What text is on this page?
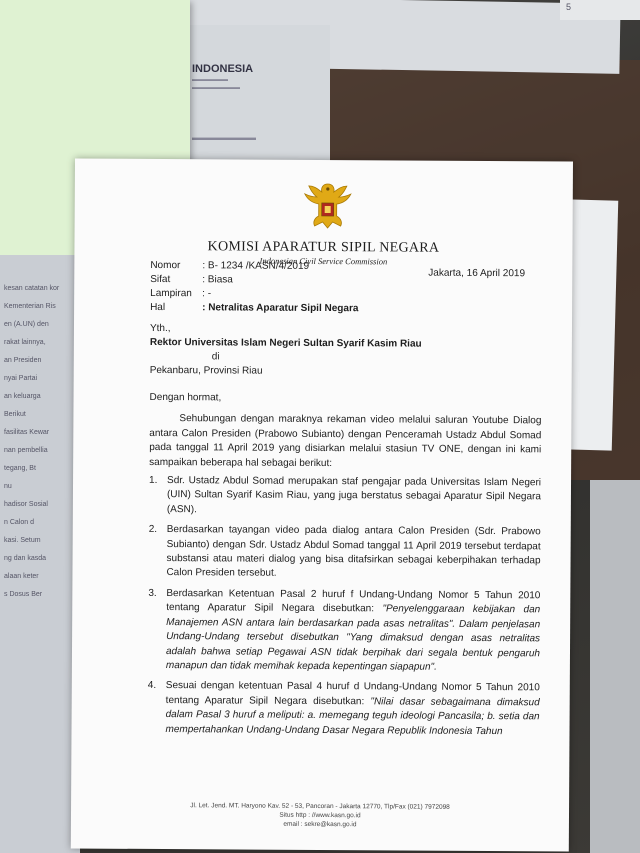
5
INDONESIA
▬▬▬▬▬▬
▬▬▬▬▬▬▬▬
▬▬▬▬▬▬▬▬
kesan catatan kor
Kementerian Ris
en (A.UN) den
rakat lainnya,
an Presiden
nyai Partai
an keluarga
Berikut
fasilitas Kewar
nan pembellia
tegang, Bt
nu
hadisor Sosial
n Calon d
kasi. Setum
ng dan kasda
alaan keter
s Dosus Ber
KOMISI APARATUR SIPIL NEGARA
Indonesian Civil Service Commission
Nomor	: B- 1234 /KASN/4/2019
Sifat	: Biasa
Lampiran	: -
Hal	: Netralitas Aparatur Sipil Negara
Jakarta, 16 April 2019
Yth.,
Rektor Universitas Islam Negeri Sultan Syarif Kasim Riau
di
Pekanbaru, Provinsi Riau

Dengan hormat,

Sehubungan dengan maraknya rekaman video melalui saluran Youtube Dialog antara Calon Presiden (Prabowo Subianto) dengan Penceramah Ustadz Abdul Somad pada tanggal 11 April 2019 yang disiarkan melalui stasiun TV ONE, dengan ini kami sampaikan beberapa hal sebagai berikut:

1. Sdr. Ustadz Abdul Somad merupakan staf pengajar pada Universitas Islam Negeri (UIN) Sultan Syarif Kasim Riau, yang juga berstatus sebagai Aparatur Sipil Negara (ASN).
2. Berdasarkan tayangan video pada dialog antara Calon Presiden (Sdr. Prabowo Subianto) dengan Sdr. Ustadz Abdul Somad tanggal 11 April 2019 tersebut terdapat substansi atau materi dialog yang bisa ditafsirkan sebagai keberpihakan terhadap Calon Presiden tersebut.
3. Berdasarkan Ketentuan Pasal 2 huruf f Undang-Undang Nomor 5 Tahun 2010 tentang Aparatur Sipil Negara disebutkan: "Penyelenggaraan kebijakan dan Manajemen ASN antara lain berdasarkan pada asas netralitas". Dalam penjelasan Undang-Undang tersebut disebutkan "Yang dimaksud dengan asas netralitas adalah bahwa setiap Pegawai ASN tidak berpihak dari segala bentuk pengaruh manapun dan tidak memihak kepada kepentingan siapapun".
4. Sesuai dengan ketentuan Pasal 4 huruf d Undang-Undang Nomor 5 Tahun 2010 tentang Aparatur Sipil Negara disebutkan: "Nilai dasar sebagaimana dimaksud dalam Pasal 3 huruf a meliputi: a. memegang teguh ideologi Pancasila; b. setia dan mempertahankan Undang-Undang Dasar Negara Republik Indonesia Tahun
Jl. Let. Jend. MT. Haryono Kav. 52 - 53, Pancoran - Jakarta 12770, Tlp/Fax (021) 7972098
Situs http : //www.kasn.go.id
email : sekre@kasn.go.id
